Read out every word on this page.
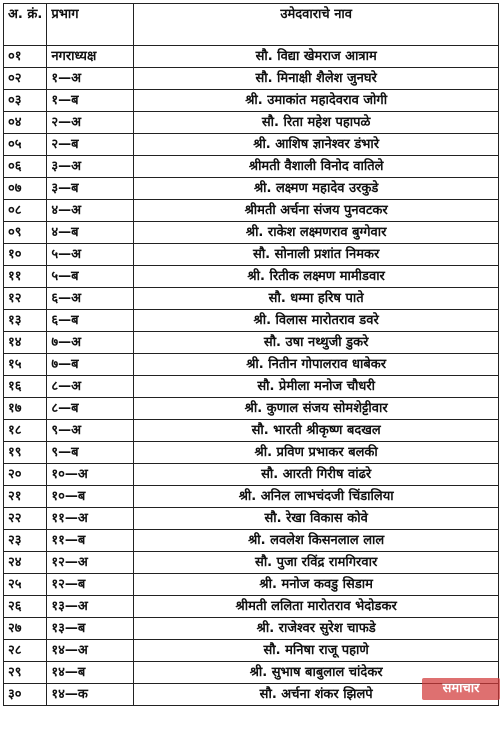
अ. क्रं.	प्रभाग	उमेदवाराचे नाव
०१	नगराध्यक्ष	सौ. विद्या खेमराज आत्राम
०२	१—अ	सौ. मिनाक्षी शैलेश जुनघरे
०३	१—ब	श्री. उमाकांत महादेवराव जोगी
०४	२—अ	सौ. रिता महेश पहापळे
०५	२—ब	श्री. आशिष ज्ञानेश्वर डंभारे
०६	३—अ	श्रीमती वैशाली विनोद वातिले
०७	३—ब	श्री. लक्ष्मण महादेव उरकुडे
०८	४—अ	श्रीमती अर्चना संजय पुनवटकर
०९	४—ब	श्री. राकेश लक्ष्मणराव बुग्गेवार
१०	५—अ	सौ. सोनाली प्रशांत निमकर
११	५—ब	श्री. रितीक लक्ष्मण मामीडवार
१२	६—अ	सौ. धम्मा हरिष पाते
१३	६—ब	श्री. विलास मारोतराव डवरे
१४	७—अ	सौ. उषा नथ्थुजी डुकरे
१५	७—ब	श्री. नितीन गोपालराव धाबेकर
१६	८—अ	सौ. प्रेमीला मनोज चौधरी
१७	८—ब	श्री. कुणाल संजय सोमशेट्टीवार
१८	९—अ	सौ. भारती श्रीकृष्ण बदखल
१९	९—ब	श्री. प्रविण प्रभाकर बलकी
२०	१०—अ	सौ. आरती गिरीष वांढरे
२१	१०—ब	श्री. अनिल लाभचंदजी चिंडालिया
२२	११—अ	सौ. रेखा विकास कोवे
२३	११—ब	श्री. लवलेश किसनलाल लाल
२४	१२—अ	सौ. पुजा रविंद्र रामगिरवार
२५	१२—ब	श्री. मनोज कवडु सिडाम
२६	१३—अ	श्रीमती ललिता मारोतराव भेदोडकर
२७	१३—ब	श्री. राजेश्वर सुरेश चाफडे
२८	१४—अ	सौ. मनिषा राजू पहाणे
२९	१४—ब	श्री. सुभाष बाबुलाल चांदेकर
३०	१४—क	सौ. अर्चना शंकर झिलपे	समाचार
